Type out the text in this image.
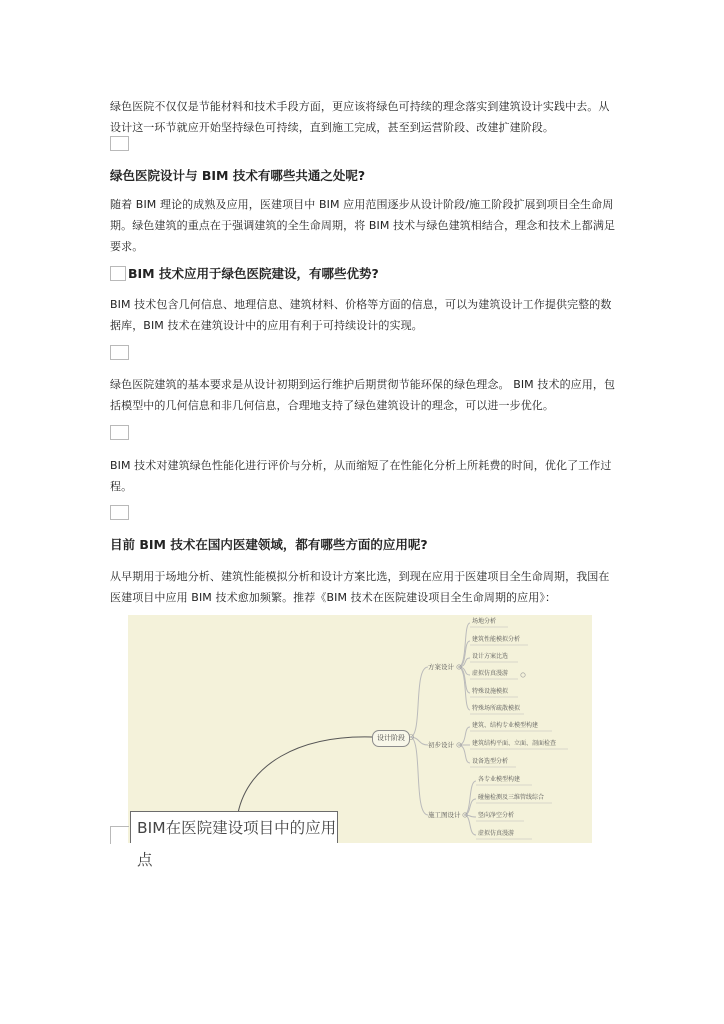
绿色医院不仅仅是节能材料和技术手段方面，更应该将绿色可持续的理念落实到建筑设计实践中去。从设计这一环节就应开始坚持绿色可持续，直到施工完成，甚至到运营阶段、改建扩建阶段。

绿色医院设计与 BIM 技术有哪些共通之处呢?

随着 BIM 理论的成熟及应用，医建项目中 BIM 应用范围逐步从设计阶段/施工阶段扩展到项目全生命周期。绿色建筑的重点在于强调建筑的全生命周期，将 BIM 技术与绿色建筑相结合，理念和技术上都满足要求。

BIM 技术应用于绿色医院建设，有哪些优势?

BIM 技术包含几何信息、地理信息、建筑材料、价格等方面的信息，可以为建筑设计工作提供完整的数据库，BIM 技术在建筑设计中的应用有利于可持续设计的实现。

绿色医院建筑的基本要求是从设计初期到运行维护后期贯彻节能环保的绿色理念。 BIM 技术的应用，包括模型中的几何信息和非几何信息，合理地支持了绿色建筑设计的理念，可以进一步优化。

BIM 技术对建筑绿色性能化进行评价与分析，从而缩短了在性能化分析上所耗费的时间，优化了工作过程。

目前 BIM 技术在国内医建领域，都有哪些方面的应用呢?

从早期用于场地分析、建筑性能模拟分析和设计方案比选，到现在应用于医建项目全生命周期，我国在医建项目中应用 BIM 技术愈加频繁。推荐《BIM 技术在医院建设项目全生命周期的应用》：

设计阶段
方案设计
初步设计
施工图设计
场地分析
建筑性能模拟分析
设计方案比选
虚拟仿真漫游
特殊设施模拟
特殊场所疏散模拟
建筑、结构专业模型构建
建筑结构平面、立面、剖面检查
设备选型分析
各专业模型构建
碰撞检测及三维管线综合
竖向净空分析
虚拟仿真漫游
BIM在医院建设项目中的应用点
